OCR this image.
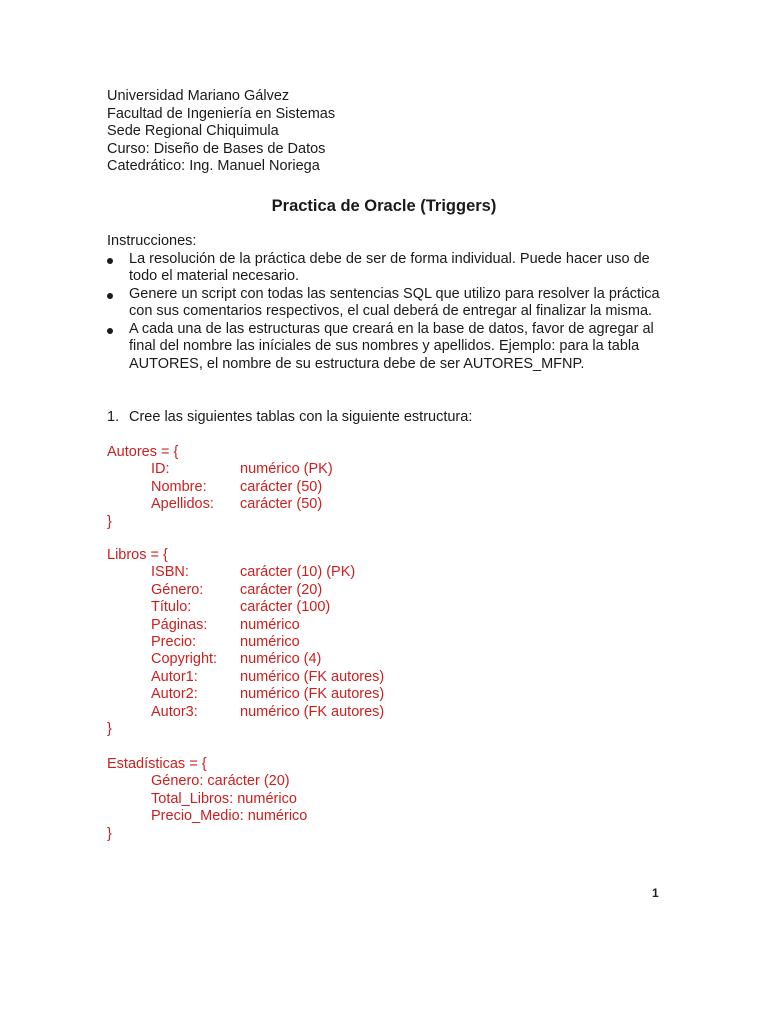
Universidad Mariano Gálvez
Facultad de Ingeniería en Sistemas
Sede Regional Chiquimula
Curso: Diseño de Bases de Datos
Catedrático: Ing. Manuel Noriega
Practica de Oracle (Triggers)
Instrucciones:
La resolución de la práctica debe de ser de forma individual. Puede hacer uso de todo el material necesario.
Genere un script con todas las sentencias SQL que utilizo para resolver la práctica con sus comentarios respectivos, el cual deberá de entregar al finalizar la misma.
A cada una de las estructuras que creará en la base de datos, favor de agregar al final del nombre las iníciales de sus nombres y apellidos. Ejemplo: para la tabla AUTORES, el nombre de su estructura debe de ser AUTORES_MFNP.
1. Cree las siguientes tablas con la siguiente estructura:
Autores = {
ID:	numérico (PK)
Nombre: carácter (50)
Apellidos: carácter (50)
}
Libros = {
ISBN:	carácter (10) (PK)
Género:	carácter (20)
Título:	carácter (100)
Páginas: numérico
Precio:	numérico
Copyright: numérico (4)
Autor1:	numérico (FK autores)
Autor2:	numérico (FK autores)
Autor3:	numérico (FK autores)
}
Estadísticas = {
Género: carácter (20)
Total_Libros: numérico
Precio_Medio: numérico
}
1
